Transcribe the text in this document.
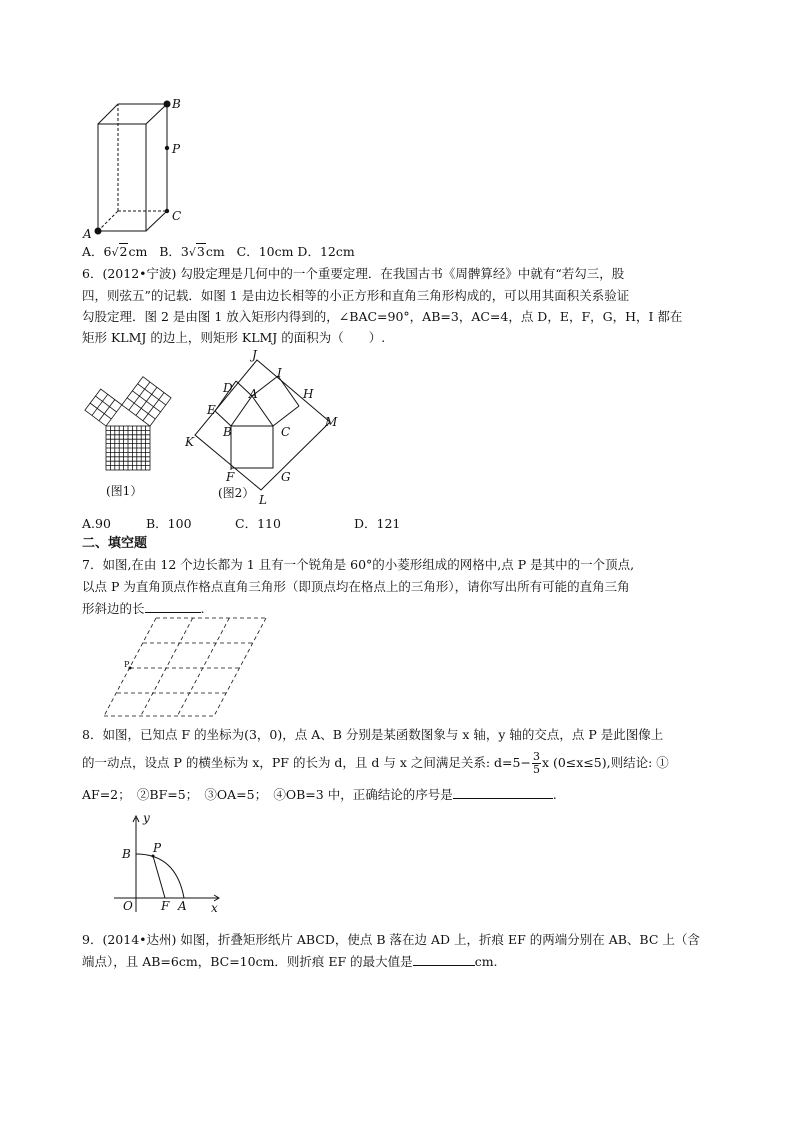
B
P
C
A
A．6√2cm B．3√3cm C．10cm D．12cm
6．(2012•宁波) 勾股定理是几何中的一个重要定理．在我国古书《周髀算经》中就有“若勾三，股
四，则弦五”的记载．如图 1 是由边长相等的小正方形和直角三角形构成的，可以用其面积关系验证
勾股定理．图 2 是由图 1 放入矩形内得到的，∠BAC=90°，AB=3，AC=4，点 D，E，F，G，H，I 都在
矩形 KLMJ 的边上，则矩形 KLMJ 的面积为（　　）.
(图1）
J
I
D A	H
E
M
B	C
K
F	G
L
(图2）
A.90	B．100	C．110	D．121
二、填空题
7．如图,在由 12 个边长都为 1 且有一个锐角是 60°的小菱形组成的网格中,点 P 是其中的一个顶点,
以点 P 为直角顶点作格点直角三角形（即顶点均在格点上的三角形），请你写出所有可能的直角三角
形斜边的长	.
P
8．如图，已知点 F 的坐标为(3，0)，点 A、B 分别是某函数图象与 x 轴，y 轴的交点，点 P 是此图像上
的一动点，设点 P 的横坐标为 x，PF 的长为 d，且 d 与 x 之间满足关系: $d=5- \frac{3}{5}$ x (0≤x≤5),则结论: ①
AF=2；　②BF=5；　③OA=5；　④OB=3 中，正确结论的序号是	.
y
B P
O F A x
9．(2014•达州) 如图，折叠矩形纸片 ABCD，使点 B 落在边 AD 上，折痕 EF 的两端分别在 AB、BC 上（含
端点），且 AB=6cm，BC=10cm．则折痕 EF 的最大值是	cm.
